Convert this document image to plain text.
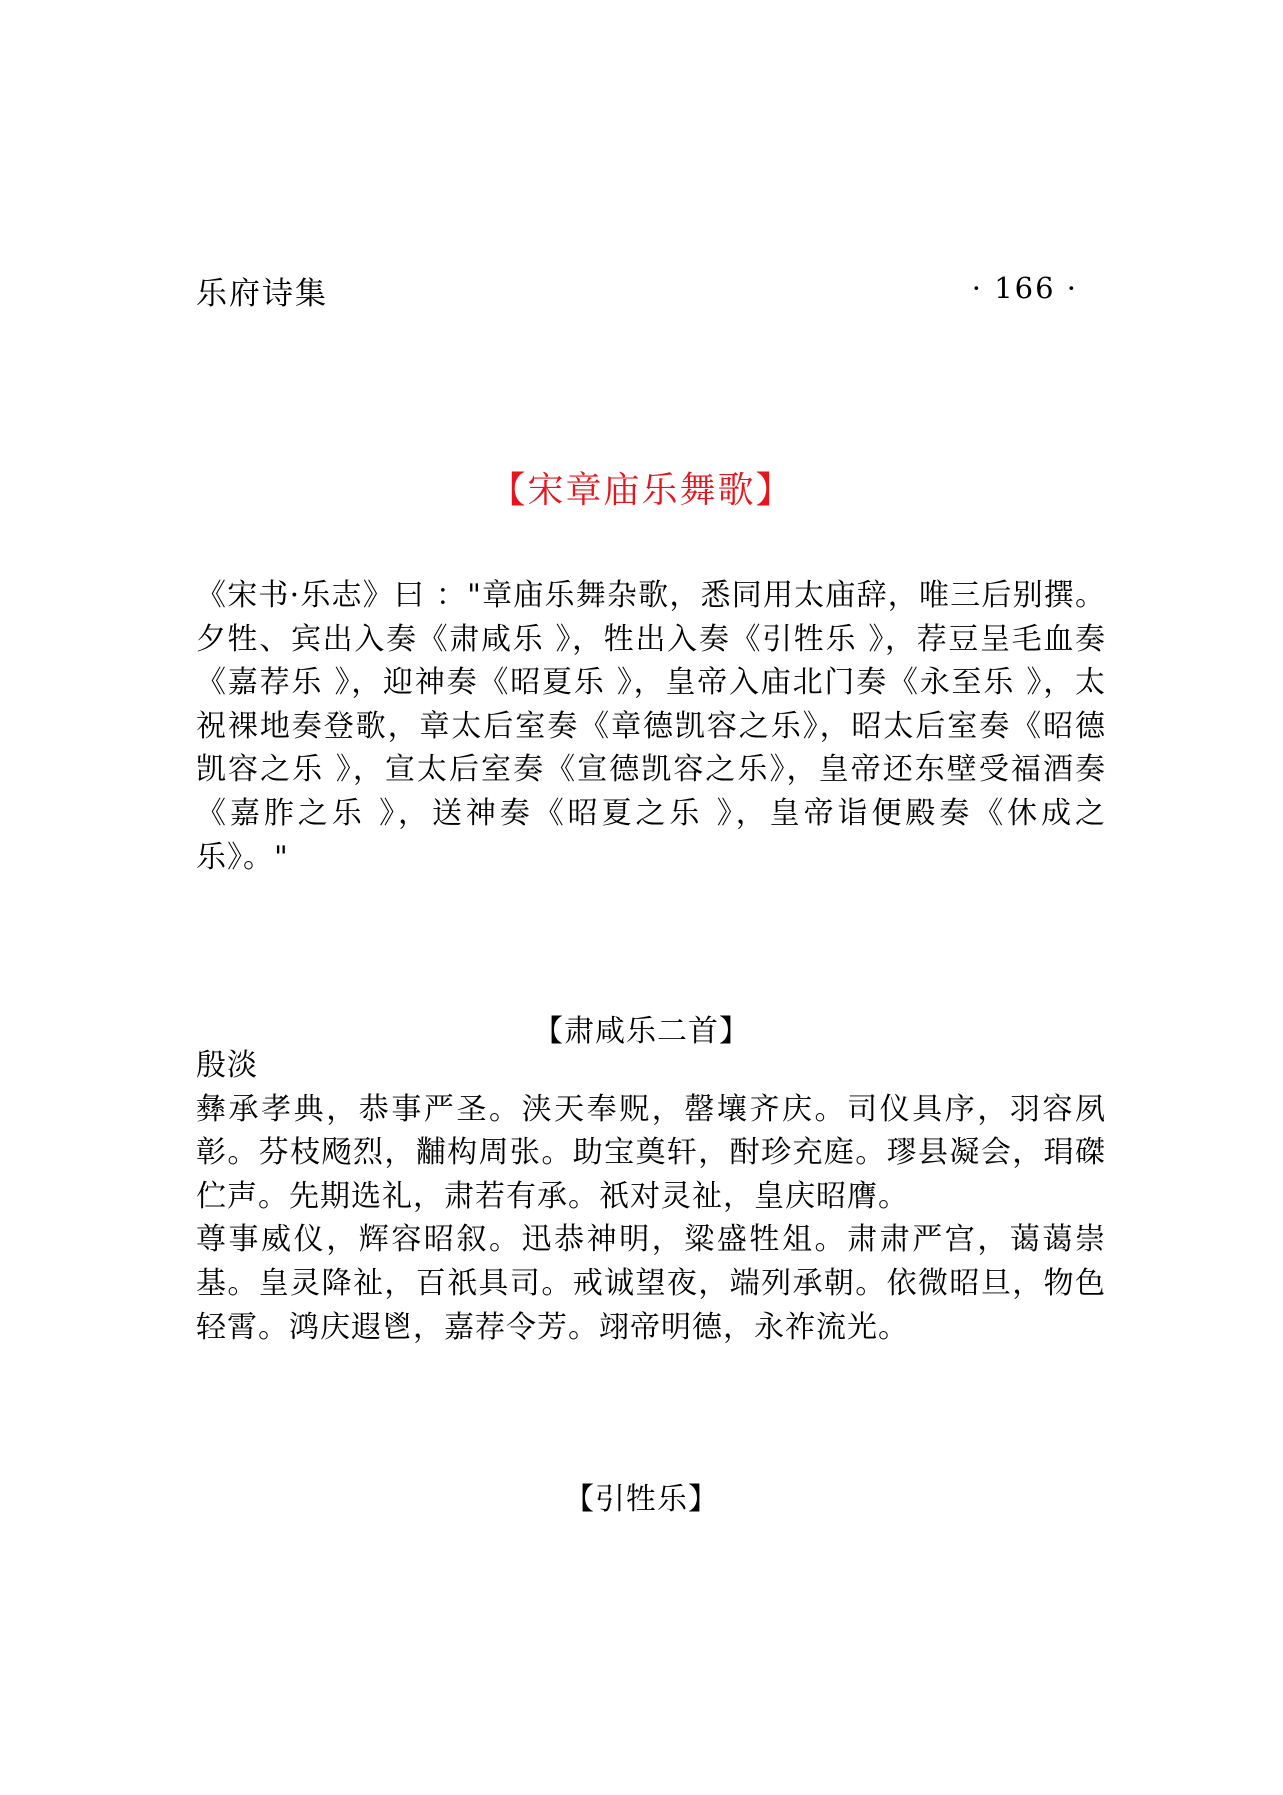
乐府诗集	· 166 ·
【宋章庙乐舞歌】

《宋书·乐志》曰 ："章庙乐舞杂歌，悉同用太庙辞，唯三后别撰。夕牲、宾出入奏《肃咸乐 》，牲出入奏《引牲乐 》，荐豆呈毛血奏《嘉荐乐 》，迎神奏《昭夏乐 》，皇帝入庙北门奏《永至乐 》，太祝裸地奏登歌，章太后室奏《章德凯容之乐》，昭太后室奏《昭德凯容之乐 》，宣太后室奏《宣德凯容之乐》，皇帝还东壁受福酒奏《嘉胙之乐 》，送神奏《昭夏之乐 》，皇帝诣便殿奏《休成之乐》。"

【肃咸乐二首】

殷淡

彝承孝典，恭事严圣。浃天奉贶，罄壤齐庆。司仪具序，羽容夙彰。芬枝飏烈，黼构周张。助宝奠轩，酎珍充庭。璆县凝会，琄磔伫声。先期选礼，肃若有承。祇对灵祉，皇庆昭膺。

尊事威仪，辉容昭叙。迅恭神明，粱盛牲俎。肃肃严宫，蔼蔼崇基。皇灵降祉，百祇具司。戒诚望夜，端列承朝。依微昭旦，物色轻霄。鸿庆遐鬯，嘉荐令芳。翊帝明德，永祚流光。

【引牲乐】
